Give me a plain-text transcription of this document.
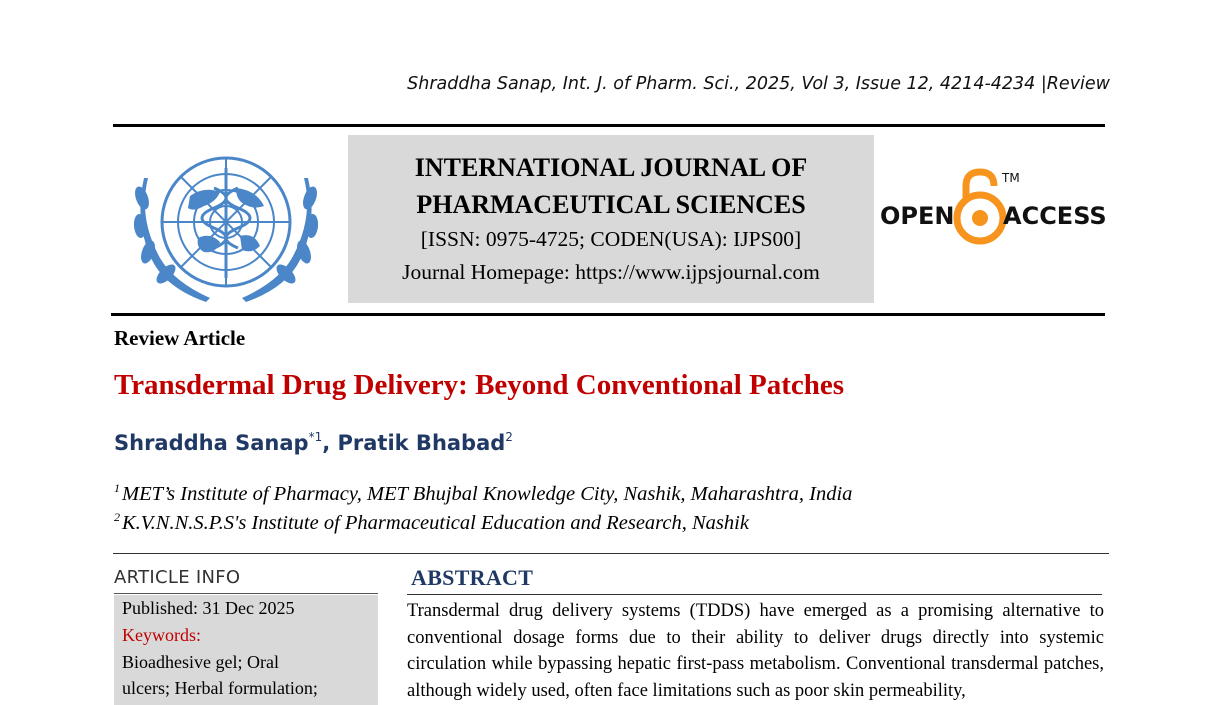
Shraddha Sanap, Int. J. of Pharm. Sci., 2025, Vol 3, Issue 12, 4214-4234 |Review
INTERNATIONAL JOURNAL OF
PHARMACEUTICAL SCIENCES
[ISSN: 0975-4725; CODEN(USA): IJPS00]
Journal Homepage: https://www.ijpsjournal.com
OPEN ACCESS
TM
Review Article
Transdermal Drug Delivery: Beyond Conventional Patches
Shraddha Sanap$^{*1}$, Pratik Bhabad$^2$
$^1$MET’s Institute of Pharmacy, MET Bhujbal Knowledge City, Nashik, Maharashtra, India
$^2$K.V.N.N.S.P.S's Institute of Pharmaceutical Education and Research, Nashik
ARTICLE INFO
Published: 31 Dec 2025
Keywords:
Bioadhesive gel; Oral
ulcers; Herbal formulation;
ABSTRACT
Transdermal drug delivery systems (TDDS) have emerged as a promising alternative to conventional dosage forms due to their ability to deliver drugs directly into systemic circulation while bypassing hepatic first-pass metabolism. Conventional transdermal patches, although widely used, often face limitations such as poor skin permeability,
